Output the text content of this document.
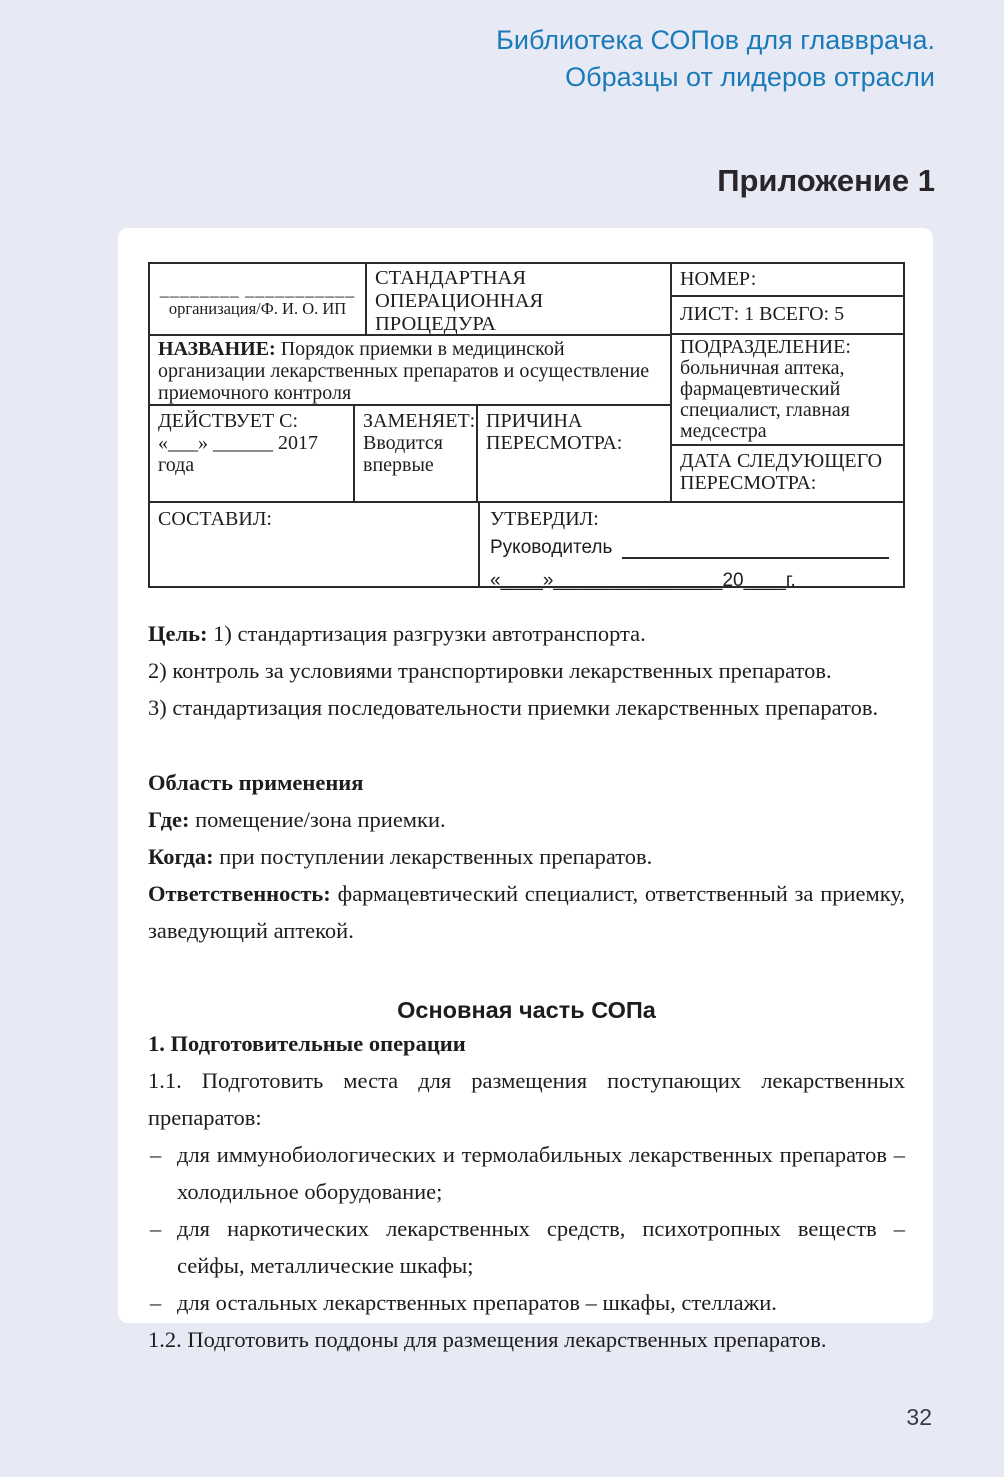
Библиотека СОПов для главврача.
Образцы от лидеров отрасли
Приложение 1
________ ___________
организация/Ф. И. О. ИП
СТАНДАРТНАЯ ОПЕРАЦИОННАЯ ПРОЦЕДУРА
НАЗВАНИЕ: Порядок приемки в медицинской организации лекарственных препаратов и осуществление приемочного контроля
ДЕЙСТВУЕТ С: «___» ______ 2017 года
ЗАМЕНЯЕТ: Вводится впервые
ПРИЧИНА ПЕРЕСМОТРА:
НОМЕР:
ЛИСТ: 1 ВСЕГО: 5
ПОДРАЗДЕЛЕНИЕ: больничная аптека, фармацевтический специалист, главная медсестра
ДАТА СЛЕДУЮЩЕГО ПЕРЕСМОТРА:
СОСТАВИЛ:	УТВЕРДИЛ:
Руководитель
«____»________________20____г.

Цель: 1) стандартизация разгрузки автотранспорта.

2) контроль за условиями транспортировки лекарственных препаратов.

3) стандартизация последовательности приемки лекарственных препаратов.

Область применения

Где: помещение/зона приемки.

Когда: при поступлении лекарственных препаратов.

Ответственность: фармацевтический специалист, ответственный за приемку, заведующий аптекой.

Основная часть СОПа

1. Подготовительные операции

1.1. Подготовить места для размещения поступающих лекарственных препаратов:

– для иммунобиологических и термолабильных лекарственных препаратов – холодильное оборудование;
– для наркотических лекарственных средств, психотропных веществ – сейфы, металлические шкафы;
– для остальных лекарственных препаратов – шкафы, стеллажи.

1.2. Подготовить поддоны для размещения лекарственных препаратов.

32
